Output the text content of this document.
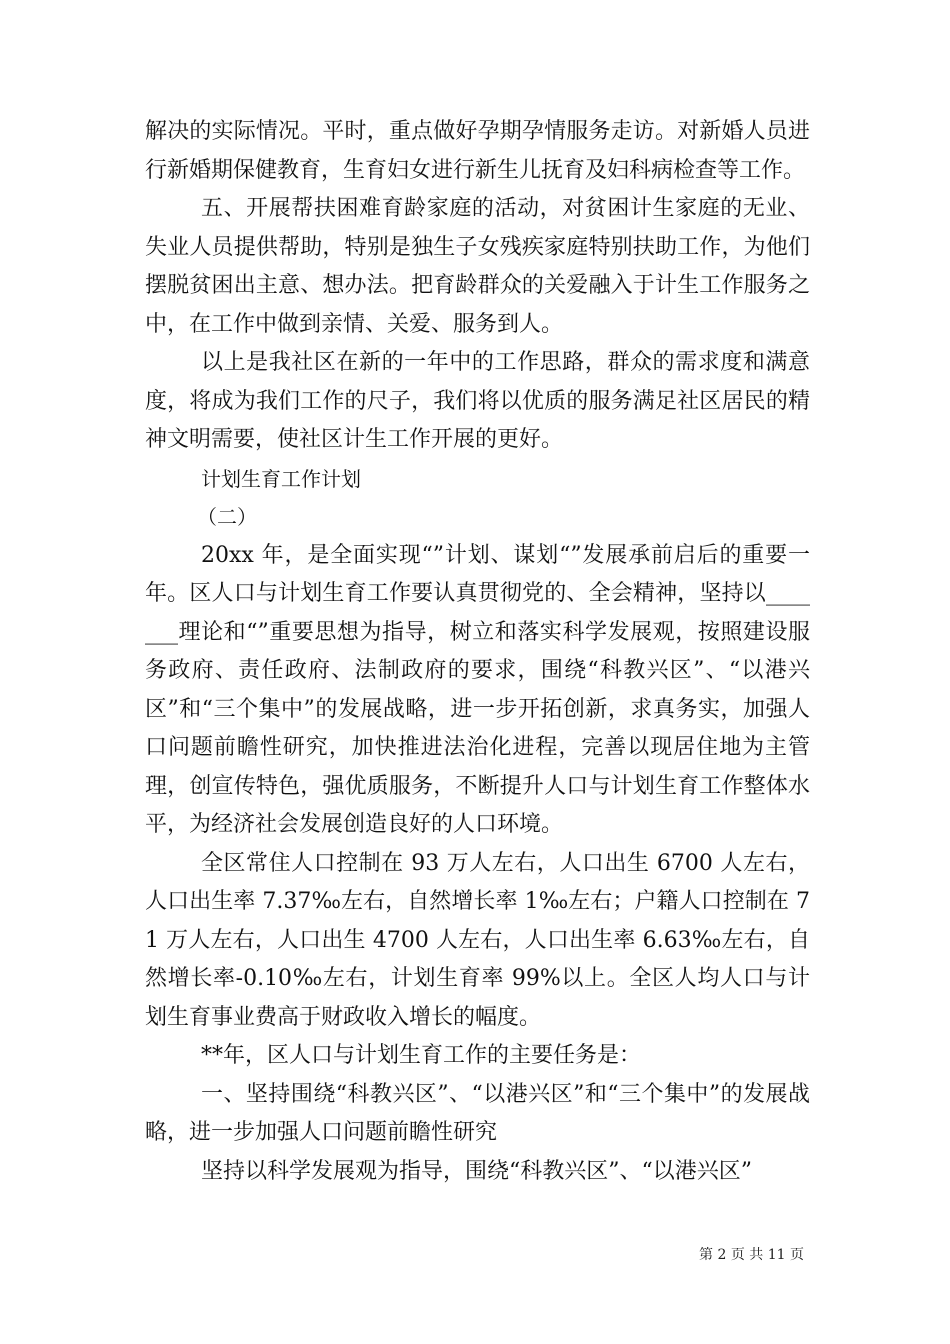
解决的实际情况。平时，重点做好孕期孕情服务走访。对新婚人员进行新婚期保健教育，生育妇女进行新生儿抚育及妇科病检查等工作。

五、开展帮扶困难育龄家庭的活动，对贫困计生家庭的无业、失业人员提供帮助，特别是独生子女残疾家庭特别扶助工作，为他们摆脱贫困出主意、想办法。把育龄群众的关爱融入于计生工作服务之中，在工作中做到亲情、关爱、服务到人。

以上是我社区在新的一年中的工作思路，群众的需求度和满意度，将成为我们工作的尺子，我们将以优质的服务满足社区居民的精神文明需要，使社区计生工作开展的更好。

计划生育工作计划

（二）

20xx 年，是全面实现“”计划、谋划“”发展承前启后的重要一年。区人口与计划生育工作要认真贯彻党的、全会精神，坚持以_______理论和“”重要思想为指导，树立和落实科学发展观，按照建设服务政府、责任政府、法制政府的要求，围绕“科教兴区”、“以港兴区”和“三个集中”的发展战略，进一步开拓创新，求真务实，加强人口问题前瞻性研究，加快推进法治化进程，完善以现居住地为主管理，创宣传特色，强优质服务，不断提升人口与计划生育工作整体水平，为经济社会发展创造良好的人口环境。

全区常住人口控制在 93 万人左右，人口出生 6700 人左右，人口出生率 7.37‰左右，自然增长率 1‰左右；户籍人口控制在 71 万人左右，人口出生 4700 人左右，人口出生率 6.63‰左右，自然增长率-0.10‰左右，计划生育率 99%以上。全区人均人口与计划生育事业费高于财政收入增长的幅度。

**年，区人口与计划生育工作的主要任务是：

一、坚持围绕“科教兴区”、“以港兴区”和“三个集中”的发展战略，进一步加强人口问题前瞻性研究

坚持以科学发展观为指导，围绕“科教兴区”、“以港兴区”

第 2 页 共 11 页
